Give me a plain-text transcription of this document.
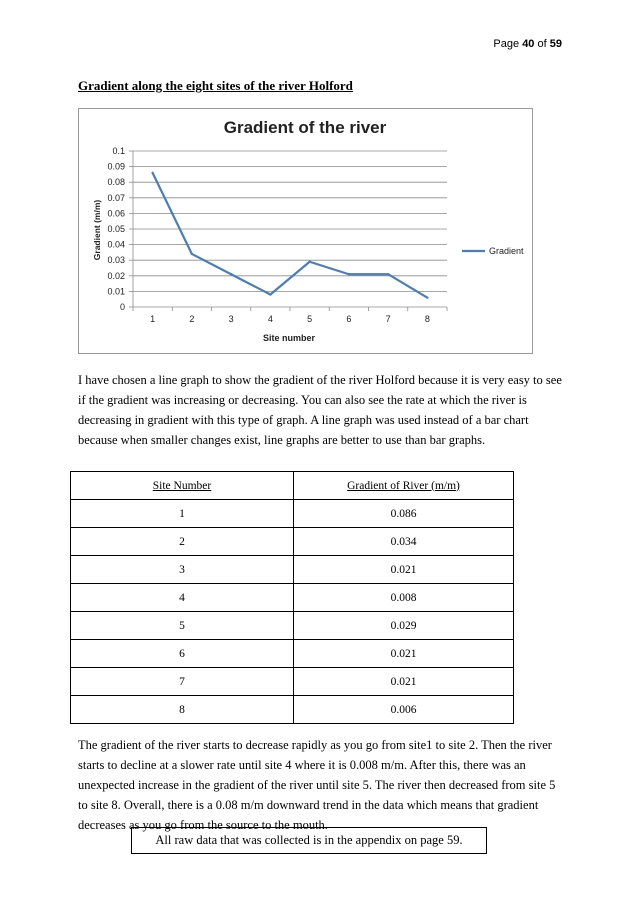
Page 40 of 59
Gradient along the eight sites of the river Holford
Gradient of the river
0
0.01
0.02
0.03
0.04
0.05
0.06
0.07
0.08
0.09
0.1
1	2	3	4	5	6	7	8
Site number
Gradient (m/m)	Gradient
I have chosen a line graph to show the gradient of the river Holford because it is very easy to see if the gradient was increasing or decreasing. You can also see the rate at which the river is decreasing in gradient with this type of graph. A line graph was used instead of a bar chart because when smaller changes exist, line graphs are better to use than bar graphs.
Site Number	Gradient of River (m/m)
1	0.086
2	0.034
3	0.021
4	0.008
5	0.029
6	0.021
7	0.021
8	0.006
The gradient of the river starts to decrease rapidly as you go from site1 to site 2. Then the river starts to decline at a slower rate until site 4 where it is 0.008 m/m. After this, there was an unexpected increase in the gradient of the river until site 5. The river then decreased from site 5 to site 8. Overall, there is a 0.08 m/m downward trend in the data which means that gradient decreases as you go from the source to the mouth.
All raw data that was collected is in the appendix on page 59.
